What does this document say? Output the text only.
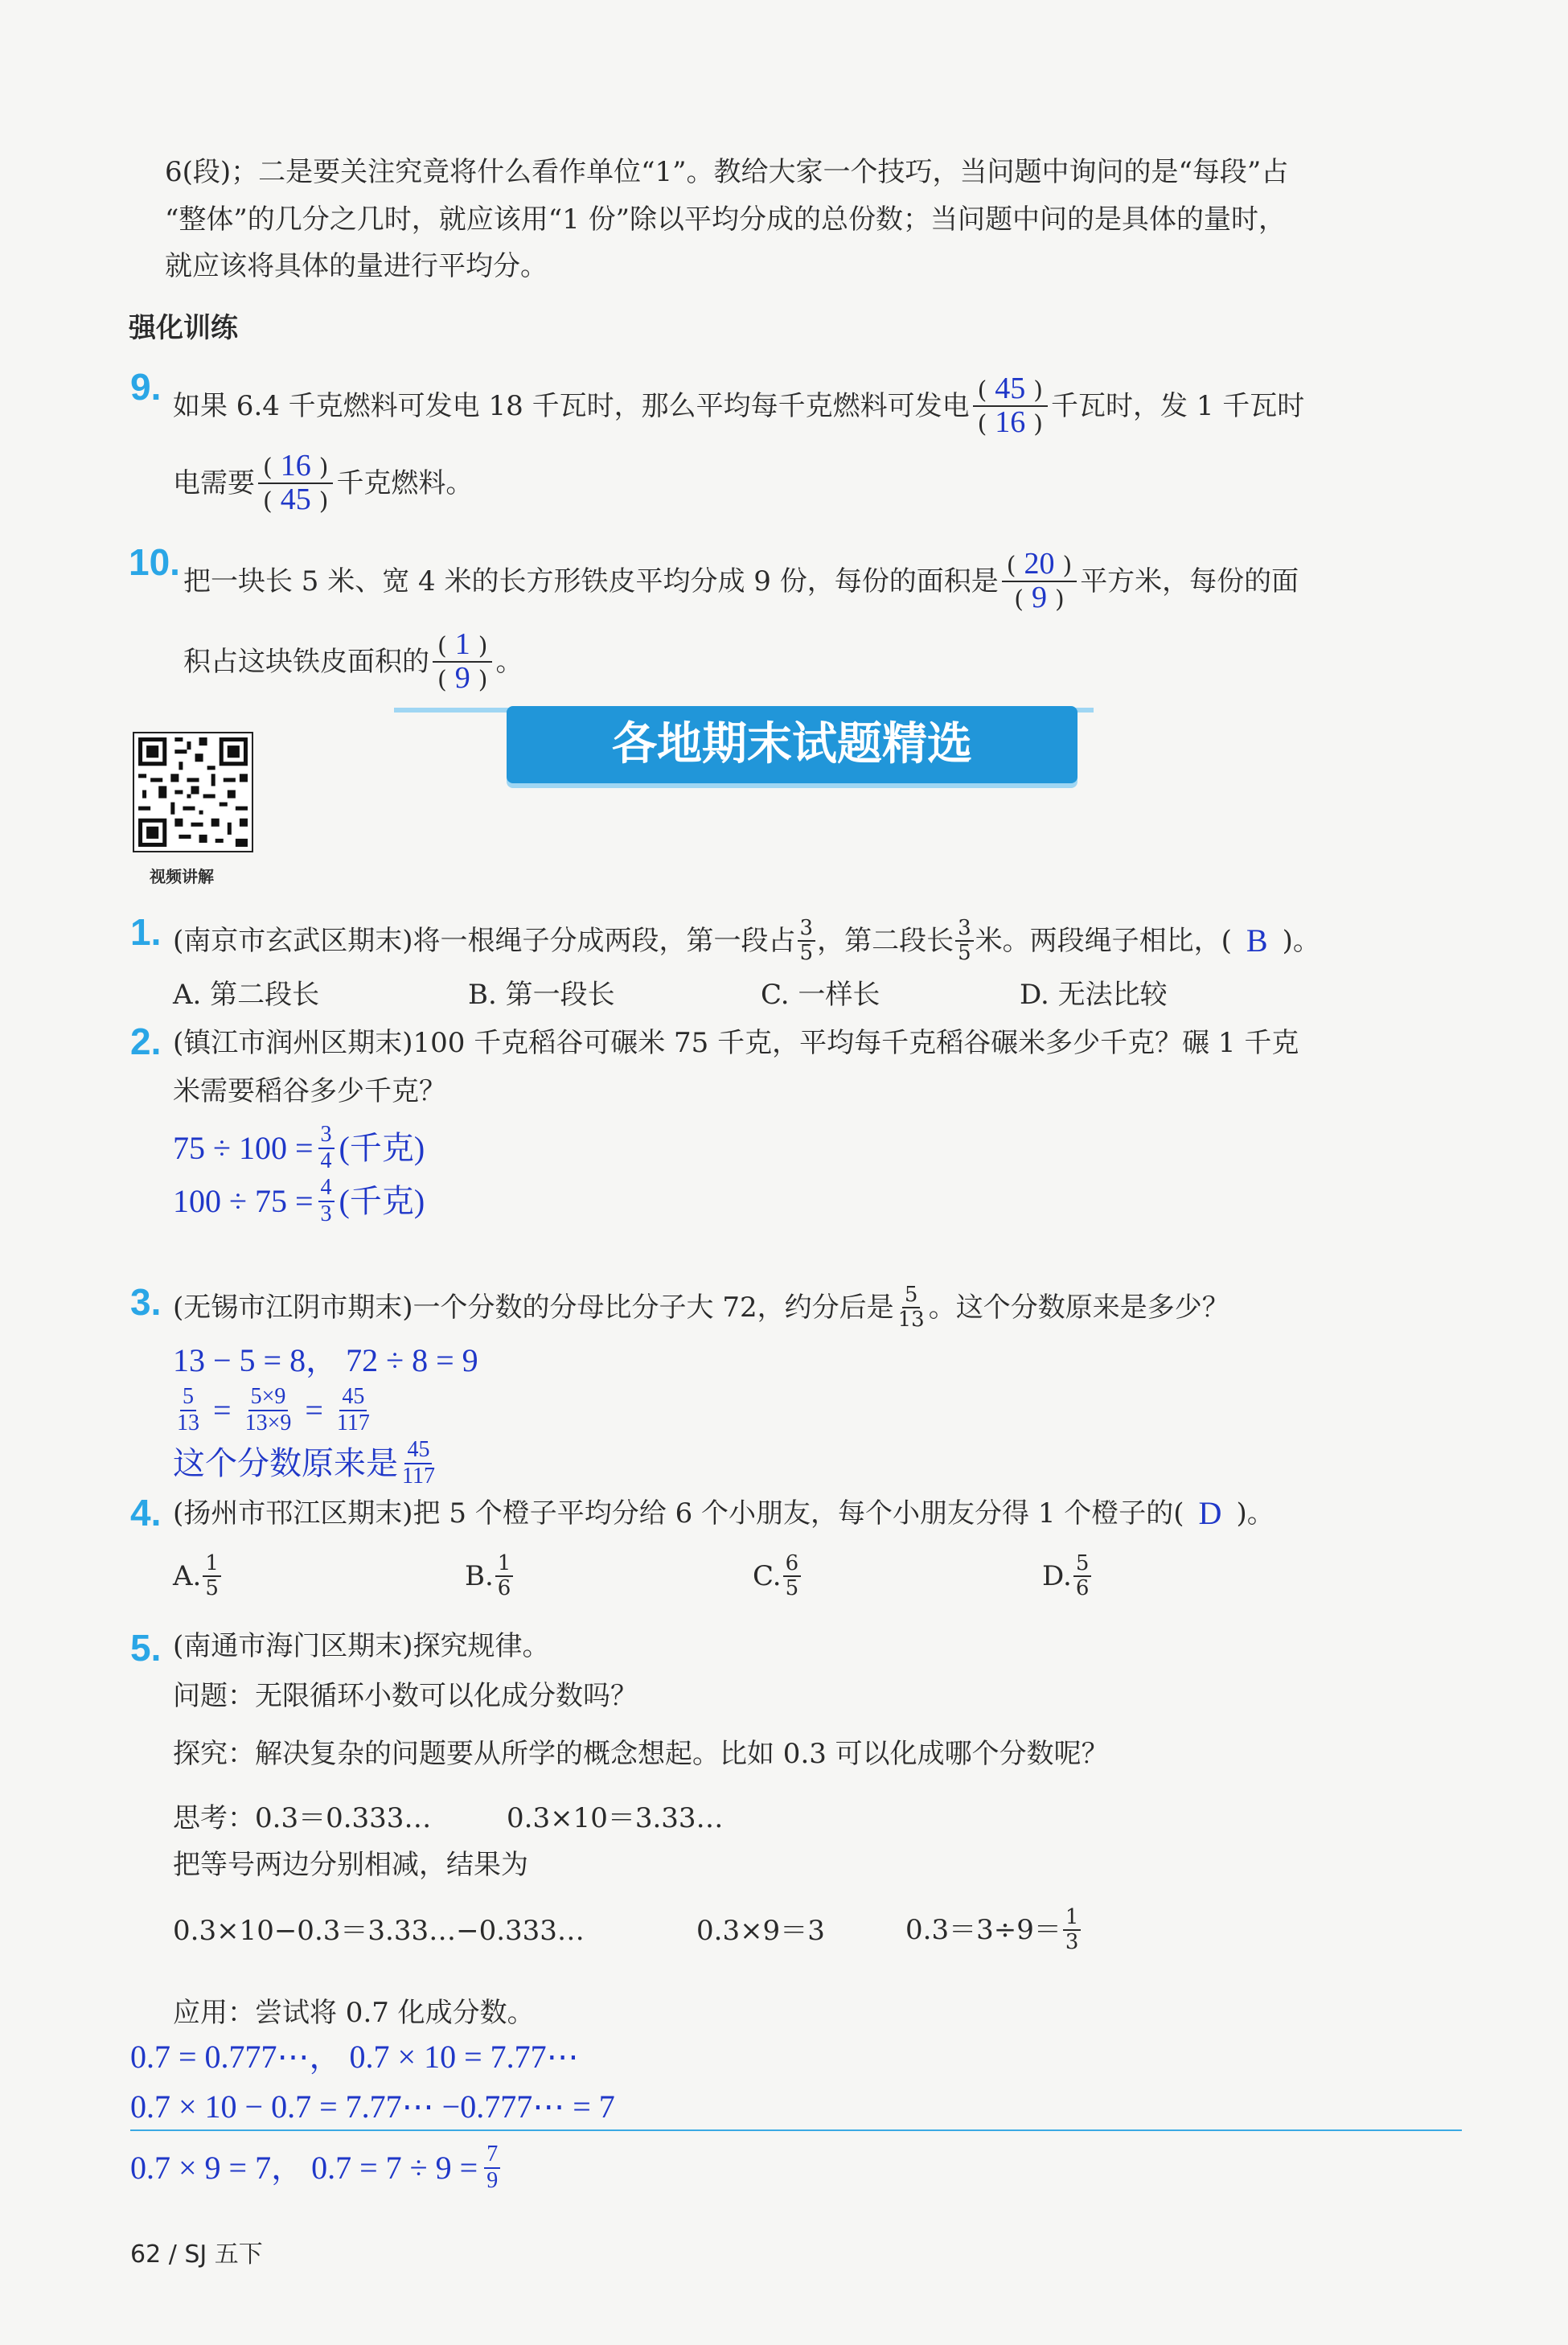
6(段)；二是要关注究竟将什么看作单位“1”。教给大家一个技巧，当问题中询问的是“每段”占
“整体”的几分之几时，就应该用“1 份”除以平均分成的总份数；当问题中问的是具体的量时，
就应该将具体的量进行平均分。
强化训练
9. 如果 6.4 千克燃料可发电 18 千瓦时，那么平均每千克燃料可发电 $\frac{( 45 )}{( 16 )}$ 千瓦时，发 1 千瓦时
电需要 $\frac{( 16 )}{( 45 )}$ 千克燃料。
10. 把一块长 5 米、宽 4 米的长方形铁皮平均分成 9 份，每份的面积是 $\frac{( 20 )}{( 9 )}$ 平方米，每份的面
积占这块铁皮面积的 $\frac{( 1 )}{( 9 )}$ 。
各地期末试题精选
视频讲解
1. (南京市玄武区期末)将一根绳子分成两段，第一段占 $\frac{3}{5}$ ，第二段长 $\frac{3}{5}$ 米。两段绳子相比，( B )。
A. 第二段长	B. 第一段长	C. 一样长	D. 无法比较
2. (镇江市润州区期末)100 千克稻谷可碾米 75 千克，平均每千克稻谷碾米多少千克？碾 1 千克
米需要稻谷多少千克？
$75 \div 100 = \frac{3}{4}$ (千克)
$100 \div 75 = \frac{4}{3}$ (千克)
3. (无锡市江阴市期末)一个分数的分母比分子大 72，约分后是 $\frac{5}{13}$ 。这个分数原来是多少？
13 − 5 = 8， 72 ÷ 8 = 9
$\frac{5}{13} = \frac{5\times 9}{13\times 9} = \frac{45}{117}$
这个分数原来是 $\frac{45}{117}$
4. (扬州市邗江区期末)把 5 个橙子平均分给 6 个小朋友，每个小朋友分得 1 个橙子的( D )。
A. $\frac{1}{5}$	B. $\frac{1}{6}$	C. $\frac{6}{5}$	D. $\frac{5}{6}$
5. (南通市海门区期末)探究规律。
问题：无限循环小数可以化成分数吗？
探究：解决复杂的问题要从所学的概念想起。比如 0.3 可以化成哪个分数呢？
思考：0.3＝0.333…	0.3×10＝3.33…
把等号两边分别相减，结果为
0.3×10−0.3＝3.33…−0.333…	0.3×9＝3	$0.3=3\div 9= \frac{1}{3}$
应用：尝试将 0.7 化成分数。
0.7 = 0.777⋯， 0.7 × 10 = 7.77⋯
0.7 × 10 − 0.7 = 7.77⋯ −0.777⋯ = 7
0.7 × 9 = 7， $0.7 = 7 \div 9 = \frac{7}{9}$
62 / SJ 五下
